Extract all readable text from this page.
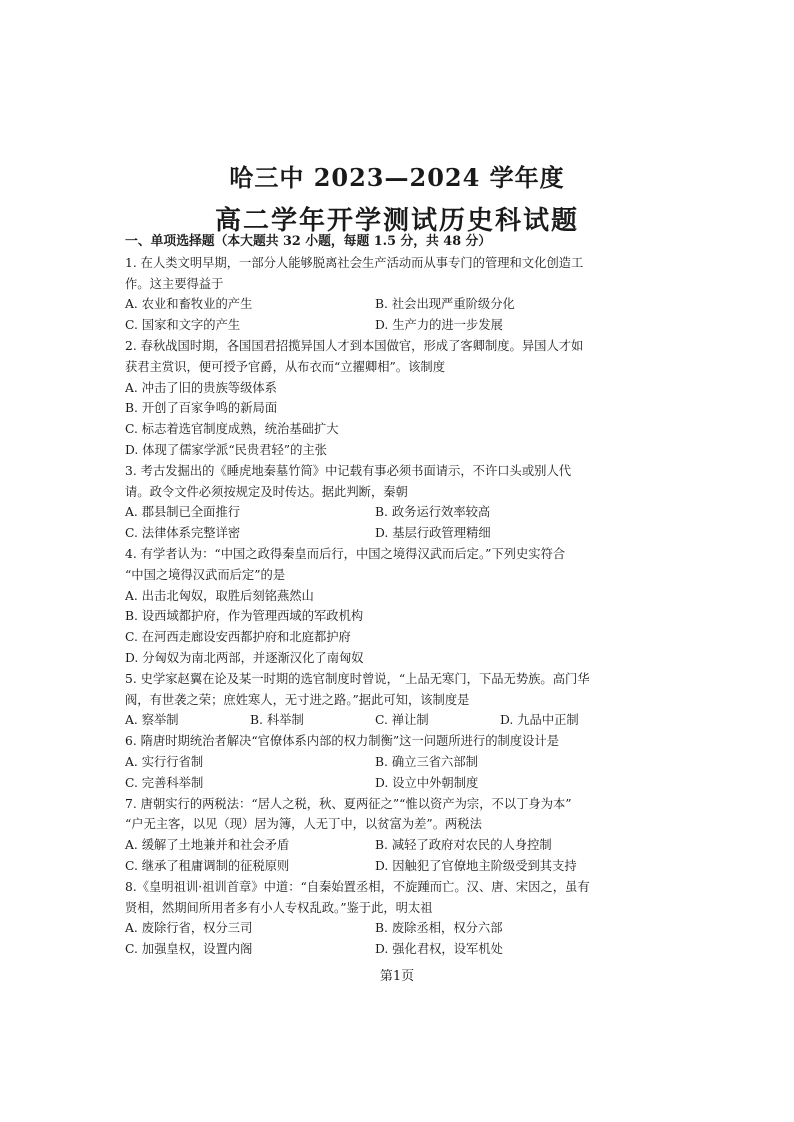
哈三中 2023—2024 学年度
高二学年开学测试历史科试题
一、单项选择题（本大题共 32 小题，每题 1.5 分，共 48 分）
1. 在人类文明早期，一部分人能够脱离社会生产活动而从事专门的管理和文化创造工
作。这主要得益于
A. 农业和畜牧业的产生	B. 社会出现严重阶级分化
C. 国家和文字的产生	D. 生产力的进一步发展
2. 春秋战国时期，各国国君招揽异国人才到本国做官，形成了客卿制度。异国人才如
获君主赏识，便可授予官爵，从布衣而“立擢卿相”。该制度
A. 冲击了旧的贵族等级体系
B. 开创了百家争鸣的新局面
C. 标志着选官制度成熟，统治基础扩大
D. 体现了儒家学派“民贵君轻”的主张
3. 考古发掘出的《睡虎地秦墓竹简》中记载有事必须书面请示，不许口头或别人代
请。政令文件必须按规定及时传达。据此判断，秦朝
A. 郡县制已全面推行	B. 政务运行效率较高
C. 法律体系完整详密	D. 基层行政管理精细
4. 有学者认为：“中国之政得秦皇而后行，中国之境得汉武而后定。”下列史实符合
“中国之境得汉武而后定”的是
A. 出击北匈奴，取胜后刻铭燕然山
B. 设西域都护府，作为管理西域的军政机构
C. 在河西走廊设安西都护府和北庭都护府
D. 分匈奴为南北两部，并逐渐汉化了南匈奴
5. 史学家赵翼在论及某一时期的选官制度时曾说，“上品无寒门，下品无势族。高门华
阀，有世袭之荣；庶姓寒人，无寸进之路。”据此可知，该制度是
A. 察举制	B. 科举制	C. 禅让制	D. 九品中正制
6. 隋唐时期统治者解决“官僚体系内部的权力制衡”这一问题所进行的制度设计是
A. 实行行省制	B. 确立三省六部制
C. 完善科举制	D. 设立中外朝制度
7. 唐朝实行的两税法：“居人之税，秋、夏两征之”“惟以资产为宗，不以丁身为本”
“户无主客，以见（现）居为簿，人无丁中，以贫富为差”。两税法
A. 缓解了土地兼并和社会矛盾	B. 减轻了政府对农民的人身控制
C. 继承了租庸调制的征税原则	D. 因触犯了官僚地主阶级受到其支持
8.《皇明祖训·祖训首章》中道：“自秦始置丞相，不旋踵而亡。汉、唐、宋因之，虽有
贤相，然期间所用者多有小人专权乱政。”鉴于此，明太祖
A. 废除行省，权分三司	B. 废除丞相，权分六部
C. 加强皇权，设置内阁	D. 强化君权，设军机处
第1页
